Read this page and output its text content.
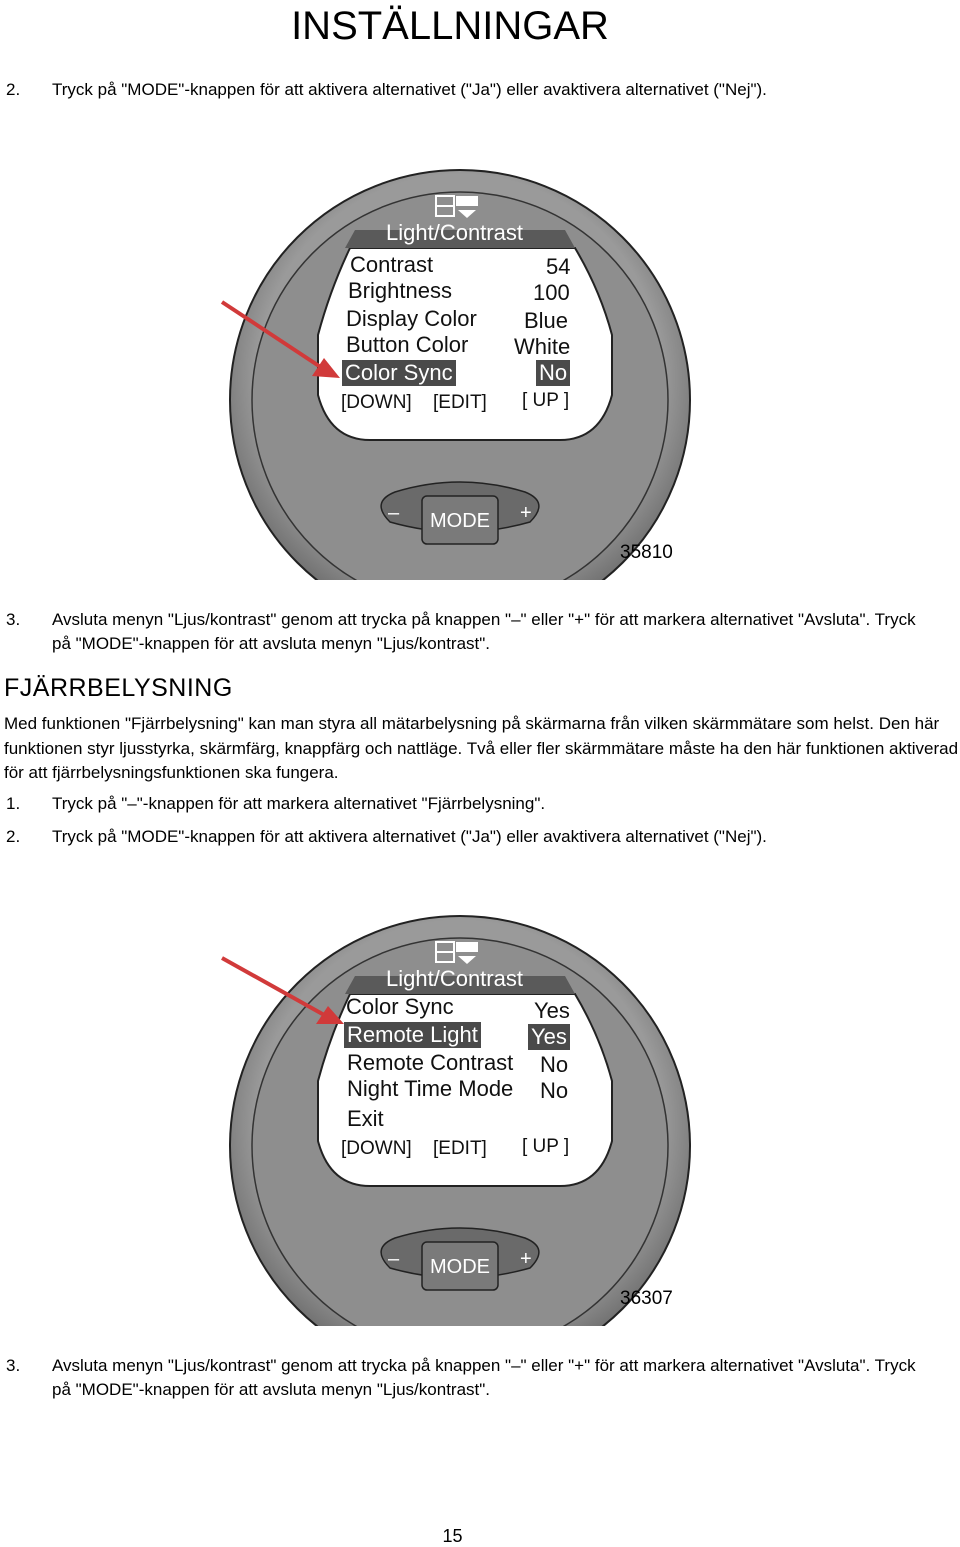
INSTÄLLNINGAR
2.	Tryck på "MODE"-knappen för att aktivera alternativet ("Ja") eller avaktivera alternativet ("Nej").
Light/Contrast
Contrast	54
Brightness	100
Display Color Blue
Button Color White
Color Sync	No
[DOWN] [EDIT] [ UP ]
– MODE +
35810
3.	Avsluta menyn "Ljus/kontrast" genom att trycka på knappen "–" eller "+" för att markera alternativet "Avsluta". Tryck på "MODE"-knappen för att avsluta menyn "Ljus/kontrast".
FJÄRRBELYSNING
Med funktionen "Fjärrbelysning" kan man styra all mätarbelysning på skärmarna från vilken skärmmätare som helst. Den här funktionen styr ljusstyrka, skärmfärg, knappfärg och nattläge. Två eller fler skärmmätare måste ha den här funktionen aktiverad för att fjärrbelysningsfunktionen ska fungera.
1.	Tryck på "–"-knappen för att markera alternativet "Fjärrbelysning".
2.	Tryck på "MODE"-knappen för att aktivera alternativet ("Ja") eller avaktivera alternativet ("Nej").
Light/Contrast
Color Sync	Yes
Remote Light Yes
Remote Contrast No
Night Time Mode No
Exit
[DOWN] [EDIT] [ UP ]
– MODE +
36307
3.	Avsluta menyn "Ljus/kontrast" genom att trycka på knappen "–" eller "+" för att markera alternativet "Avsluta". Tryck på "MODE"-knappen för att avsluta menyn "Ljus/kontrast".
15
